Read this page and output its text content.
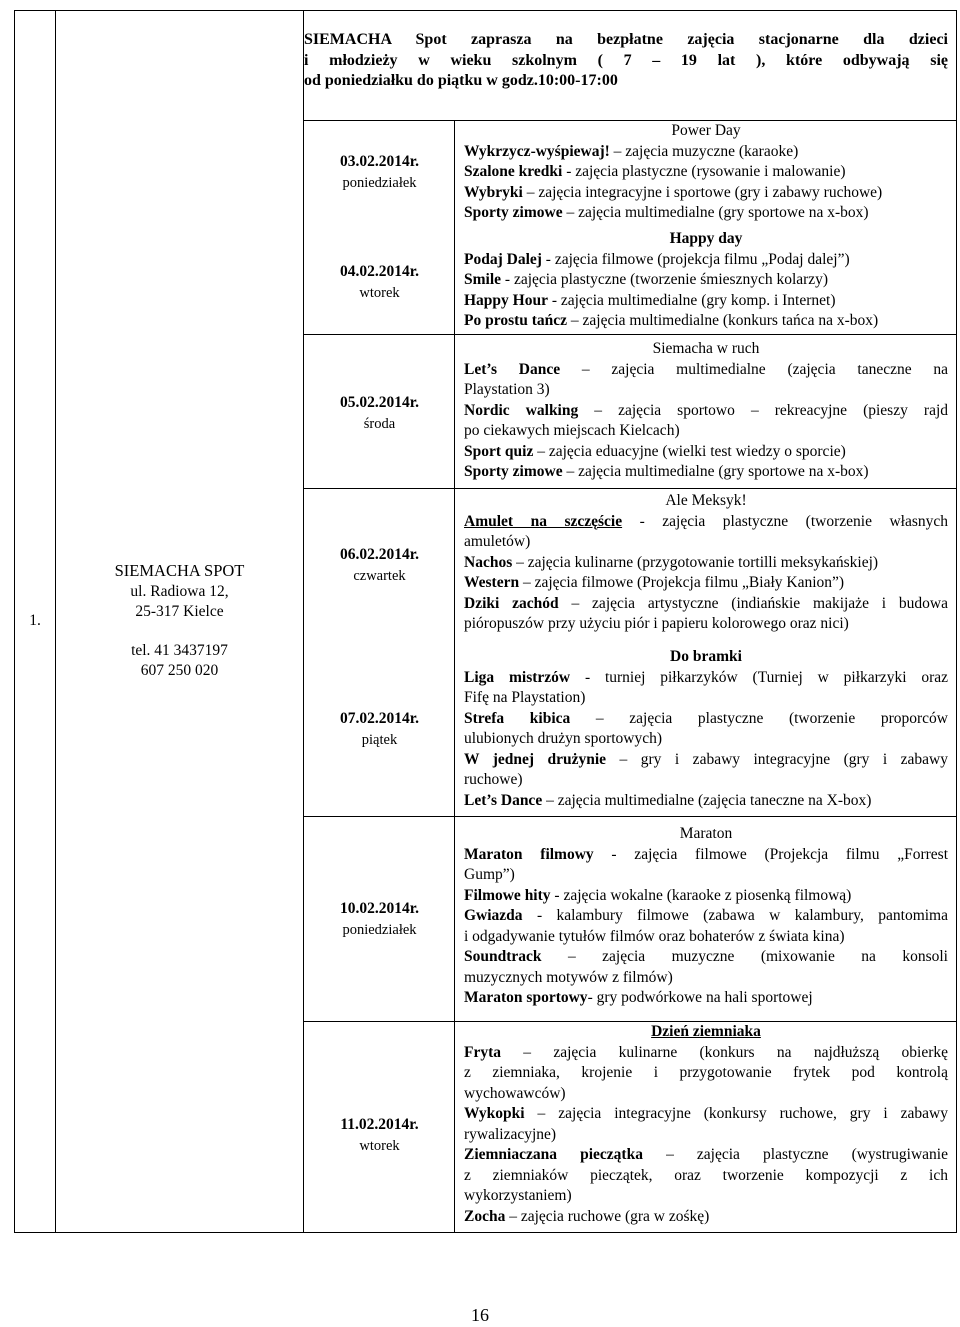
1.
SIEMACHA SPOT
ul. Radiowa 12,
25-317 Kielce
tel. 41 3437197
607 250 020
SIEMACHA Spot zaprasza na bezpłatne zajęcia stacjonarne dla dzieci
i młodzieży w wieku szkolnym ( 7 – 19 lat ), które odbywają się
od poniedziałku do piątku w godz.10:00-17:00
03.02.2014r.
poniedziałek
04.02.2014r.
wtorek
05.02.2014r.
środa
06.02.2014r.
czwartek
07.02.2014r.
piątek
10.02.2014r.
poniedziałek
11.02.2014r.
wtorek
Power Day
Wykrzycz-wyśpiewaj! – zajęcia muzyczne (karaoke)
Szalone kredki - zajęcia plastyczne (rysowanie i malowanie)
Wybryki – zajęcia integracyjne i sportowe (gry i zabawy ruchowe)
Sporty zimowe – zajęcia multimedialne (gry sportowe na x-box)
Happy day
Podaj Dalej - zajęcia filmowe (projekcja filmu „Podaj dalej”)
Smile - zajęcia plastyczne (tworzenie śmiesznych kolarzy)
Happy Hour - zajęcia multimedialne (gry komp. i Internet)
Po prostu tańcz – zajęcia multimedialne (konkurs tańca na x-box)
Siemacha w ruch
Let’s Dance – zajęcia multimedialne (zajęcia taneczne na
Playstation 3)
Nordic walking – zajęcia sportowo – rekreacyjne (pieszy rajd
po ciekawych miejscach Kielcach)
Sport quiz – zajęcia eduacyjne (wielki test wiedzy o sporcie)
Sporty zimowe – zajęcia multimedialne (gry sportowe na x-box)
Ale Meksyk!
Amulet na szczęście - zajęcia plastyczne (tworzenie własnych
amuletów)
Nachos – zajęcia kulinarne (przygotowanie tortilli meksykańskiej)
Western – zajęcia filmowe (Projekcja filmu „Biały Kanion”)
Dziki zachód – zajęcia artystyczne (indiańskie makijaże i budowa
pióropuszów przy użyciu piór i papieru kolorowego oraz nici)
Do bramki
Liga mistrzów - turniej piłkarzyków (Turniej w piłkarzyki oraz
Fifę na Playstation)
Strefa kibica – zajęcia plastyczne (tworzenie proporców
ulubionych drużyn sportowych)
W jednej drużynie – gry i zabawy integracyjne (gry i zabawy
ruchowe)
Let’s Dance – zajęcia multimedialne (zajęcia taneczne na X-box)
Maraton
Maraton filmowy - zajęcia filmowe (Projekcja filmu „Forrest
Gump”)
Filmowe hity - zajęcia wokalne (karaoke z piosenką filmową)
Gwiazda - kalambury filmowe (zabawa w kalambury, pantomima
i odgadywanie tytułów filmów oraz bohaterów z świata kina)
Soundtrack – zajęcia muzyczne (mixowanie na konsoli
muzycznych motywów z filmów)
Maraton sportowy- gry podwórkowe na hali sportowej
Dzień ziemniaka
Fryta – zajęcia kulinarne (konkurs na najdłuższą obierkę
z ziemniaka, krojenie i przygotowanie frytek pod kontrolą
wychowawców)
Wykopki – zajęcia integracyjne (konkursy ruchowe, gry i zabawy
rywalizacyjne)
Ziemniaczana pieczątka – zajęcia plastyczne (wystrugiwanie
z ziemniaków pieczątek, oraz tworzenie kompozycji z ich
wykorzystaniem)
Zocha – zajęcia ruchowe (gra w zośkę)
16
